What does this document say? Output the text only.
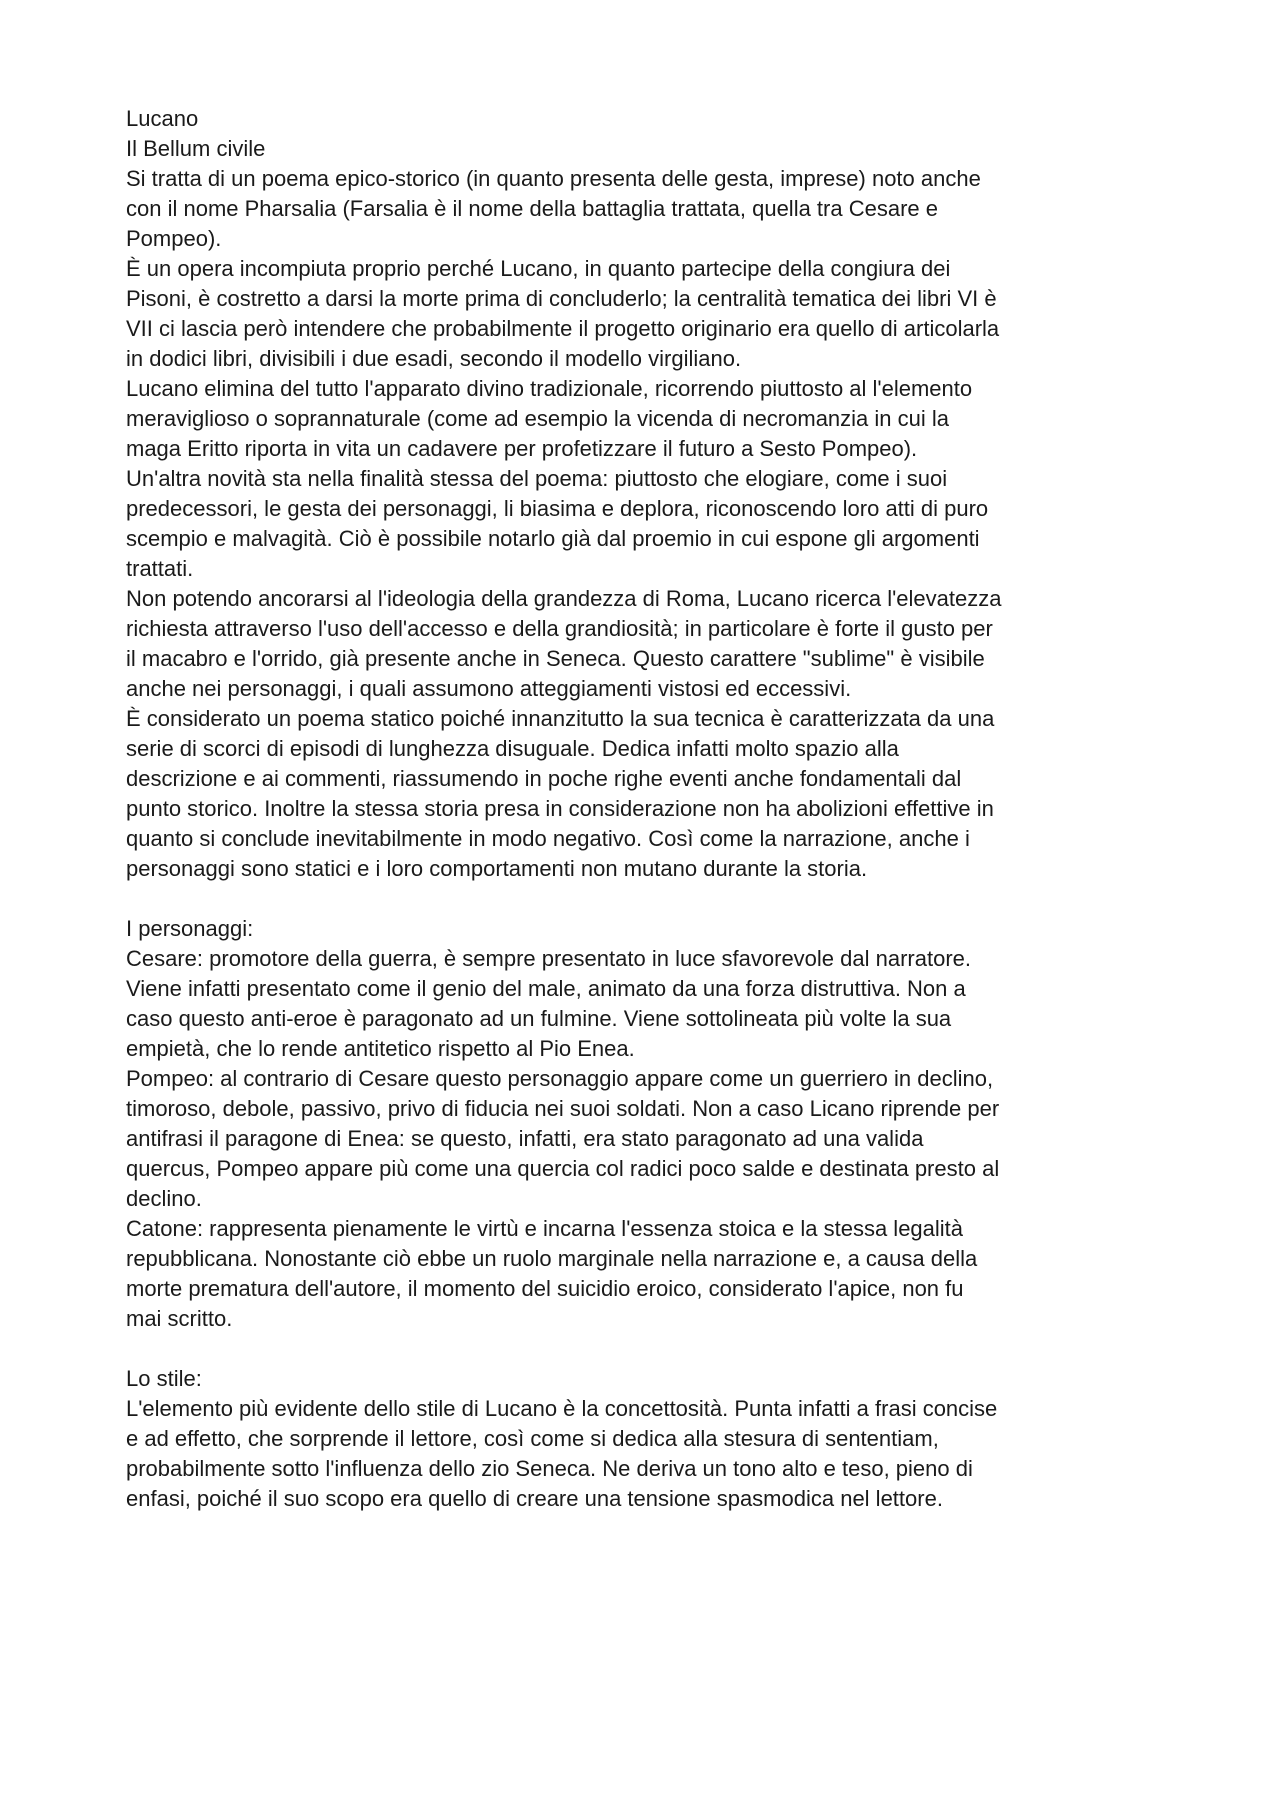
Lucano
Il Bellum civile
Si tratta di un poema epico-storico (in quanto presenta delle gesta, imprese) noto anche
con il nome Pharsalia (Farsalia è il nome della battaglia trattata, quella tra Cesare e
Pompeo).
È un opera incompiuta proprio perché Lucano, in quanto partecipe della congiura dei
Pisoni, è costretto a darsi la morte prima di concluderlo; la centralità tematica dei libri VI è
VII ci lascia però intendere che probabilmente il progetto originario era quello di articolarla
in dodici libri, divisibili i due esadi, secondo il modello virgiliano.
Lucano elimina del tutto l'apparato divino tradizionale, ricorrendo piuttosto al l'elemento
meraviglioso o soprannaturale (come ad esempio la vicenda di necromanzia in cui la
maga Eritto riporta in vita un cadavere per profetizzare il futuro a Sesto Pompeo).
Un'altra novità sta nella finalità stessa del poema: piuttosto che elogiare, come i suoi
predecessori, le gesta dei personaggi, li biasima e deplora, riconoscendo loro atti di puro
scempio e malvagità. Ciò è possibile notarlo già dal proemio in cui espone gli argomenti
trattati.
Non potendo ancorarsi al l'ideologia della grandezza di Roma, Lucano ricerca l'elevatezza
richiesta attraverso l'uso dell'accesso e della grandiosità; in particolare è forte il gusto per
il macabro e l'orrido, già presente anche in Seneca. Questo carattere "sublime" è visibile
anche nei personaggi, i quali assumono atteggiamenti vistosi ed eccessivi.
È considerato un poema statico poiché innanzitutto la sua tecnica è caratterizzata da una
serie di scorci di episodi di lunghezza disuguale. Dedica infatti molto spazio alla
descrizione e ai commenti, riassumendo in poche righe eventi anche fondamentali dal
punto storico. Inoltre la stessa storia presa in considerazione non ha abolizioni effettive in
quanto si conclude inevitabilmente in modo negativo. Così come la narrazione, anche i
personaggi sono statici e i loro comportamenti non mutano durante la storia.
I personaggi:
Cesare: promotore della guerra, è sempre presentato in luce sfavorevole dal narratore.
Viene infatti presentato come il genio del male, animato da una forza distruttiva. Non a
caso questo anti-eroe è paragonato ad un fulmine. Viene sottolineata più volte la sua
empietà, che lo rende antitetico rispetto al Pio Enea.
Pompeo: al contrario di Cesare questo personaggio appare come un guerriero in declino,
timoroso, debole, passivo, privo di fiducia nei suoi soldati. Non a caso Licano riprende per
antifrasi il paragone di Enea: se questo, infatti, era stato paragonato ad una valida
quercus, Pompeo appare più come una quercia col radici poco salde e destinata presto al
declino.
Catone: rappresenta pienamente le virtù e incarna l'essenza stoica e la stessa legalità
repubblicana. Nonostante ciò ebbe un ruolo marginale nella narrazione e, a causa della
morte prematura dell'autore, il momento del suicidio eroico, considerato l'apice, non fu
mai scritto.
Lo stile:
L'elemento più evidente dello stile di Lucano è la concettosità. Punta infatti a frasi concise
e ad effetto, che sorprende il lettore, così come si dedica alla stesura di sententiam,
probabilmente sotto l'influenza dello zio Seneca. Ne deriva un tono alto e teso, pieno di
enfasi, poiché il suo scopo era quello di creare una tensione spasmodica nel lettore.
